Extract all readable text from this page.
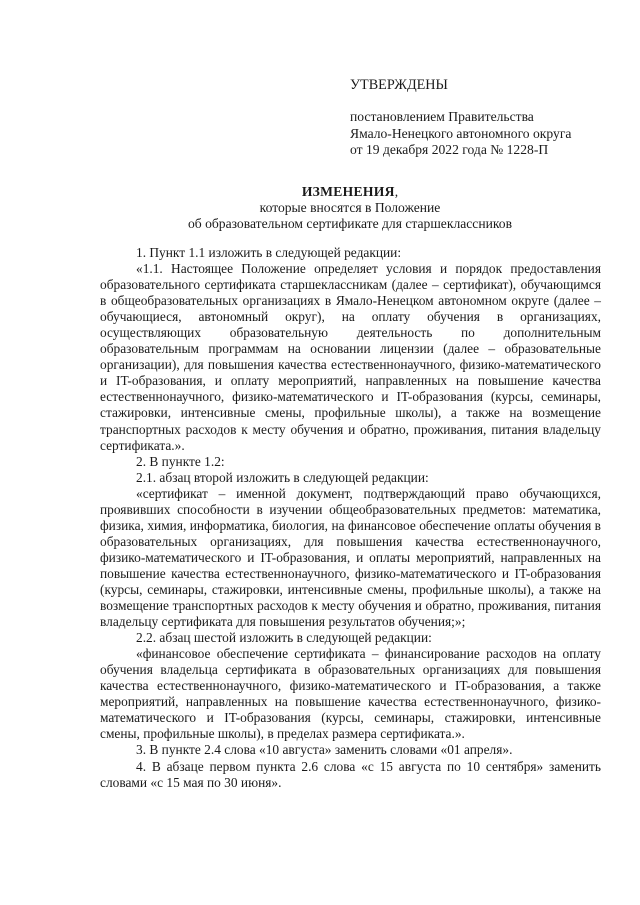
УТВЕРЖДЕНЫ

постановлением Правительства

Ямало-Ненецкого автономного округа

от 19 декабря 2022 года № 1228-П

ИЗМЕНЕНИЯ,

которые вносятся в Положение

об образовательном сертификате для старшеклассников

1. Пункт 1.1 изложить в следующей редакции:

«1.1. Настоящее Положение определяет условия и порядок предоставления образовательного сертификата старшеклассникам (далее – сертификат), обучающимся в общеобразовательных организациях в Ямало-Ненецком автономном округе (далее – обучающиеся, автономный округ), на оплату обучения в организациях, осуществляющих образовательную деятельность по дополнительным образовательным программам на основании лицензии (далее – образовательные организации), для повышения качества естественнонаучного, физико-математического и IT-образования, и оплату мероприятий, направленных на повышение качества естественнонаучного, физико-математического и IT-образования (курсы, семинары, стажировки, интенсивные смены, профильные школы), а также на возмещение транспортных расходов к месту обучения и обратно, проживания, питания владельцу сертификата.».

2. В пункте 1.2:

2.1. абзац второй изложить в следующей редакции:

«сертификат – именной документ, подтверждающий право обучающихся, проявивших способности в изучении общеобразовательных предметов: математика, физика, химия, информатика, биология, на финансовое обеспечение оплаты обучения в образовательных организациях, для повышения качества естественнонаучного, физико-математического и IT-образования, и оплаты мероприятий, направленных на повышение качества естественнонаучного, физико-математического и IT-образования (курсы, семинары, стажировки, интенсивные смены, профильные школы), а также на возмещение транспортных расходов к месту обучения и обратно, проживания, питания владельцу сертификата для повышения результатов обучения;»;

2.2. абзац шестой изложить в следующей редакции:

«финансовое обеспечение сертификата – финансирование расходов на оплату обучения владельца сертификата в образовательных организациях для повышения качества естественнонаучного, физико-математического и IT-образования, а также мероприятий, направленных на повышение качества естественнонаучного, физико-математического и IT-образования (курсы, семинары, стажировки, интенсивные смены, профильные школы), в пределах размера сертификата.».

3. В пункте 2.4 слова «10 августа» заменить словами «01 апреля».

4. В абзаце первом пункта 2.6 слова «с 15 августа по 10 сентября» заменить словами «с 15 мая по 30 июня».
